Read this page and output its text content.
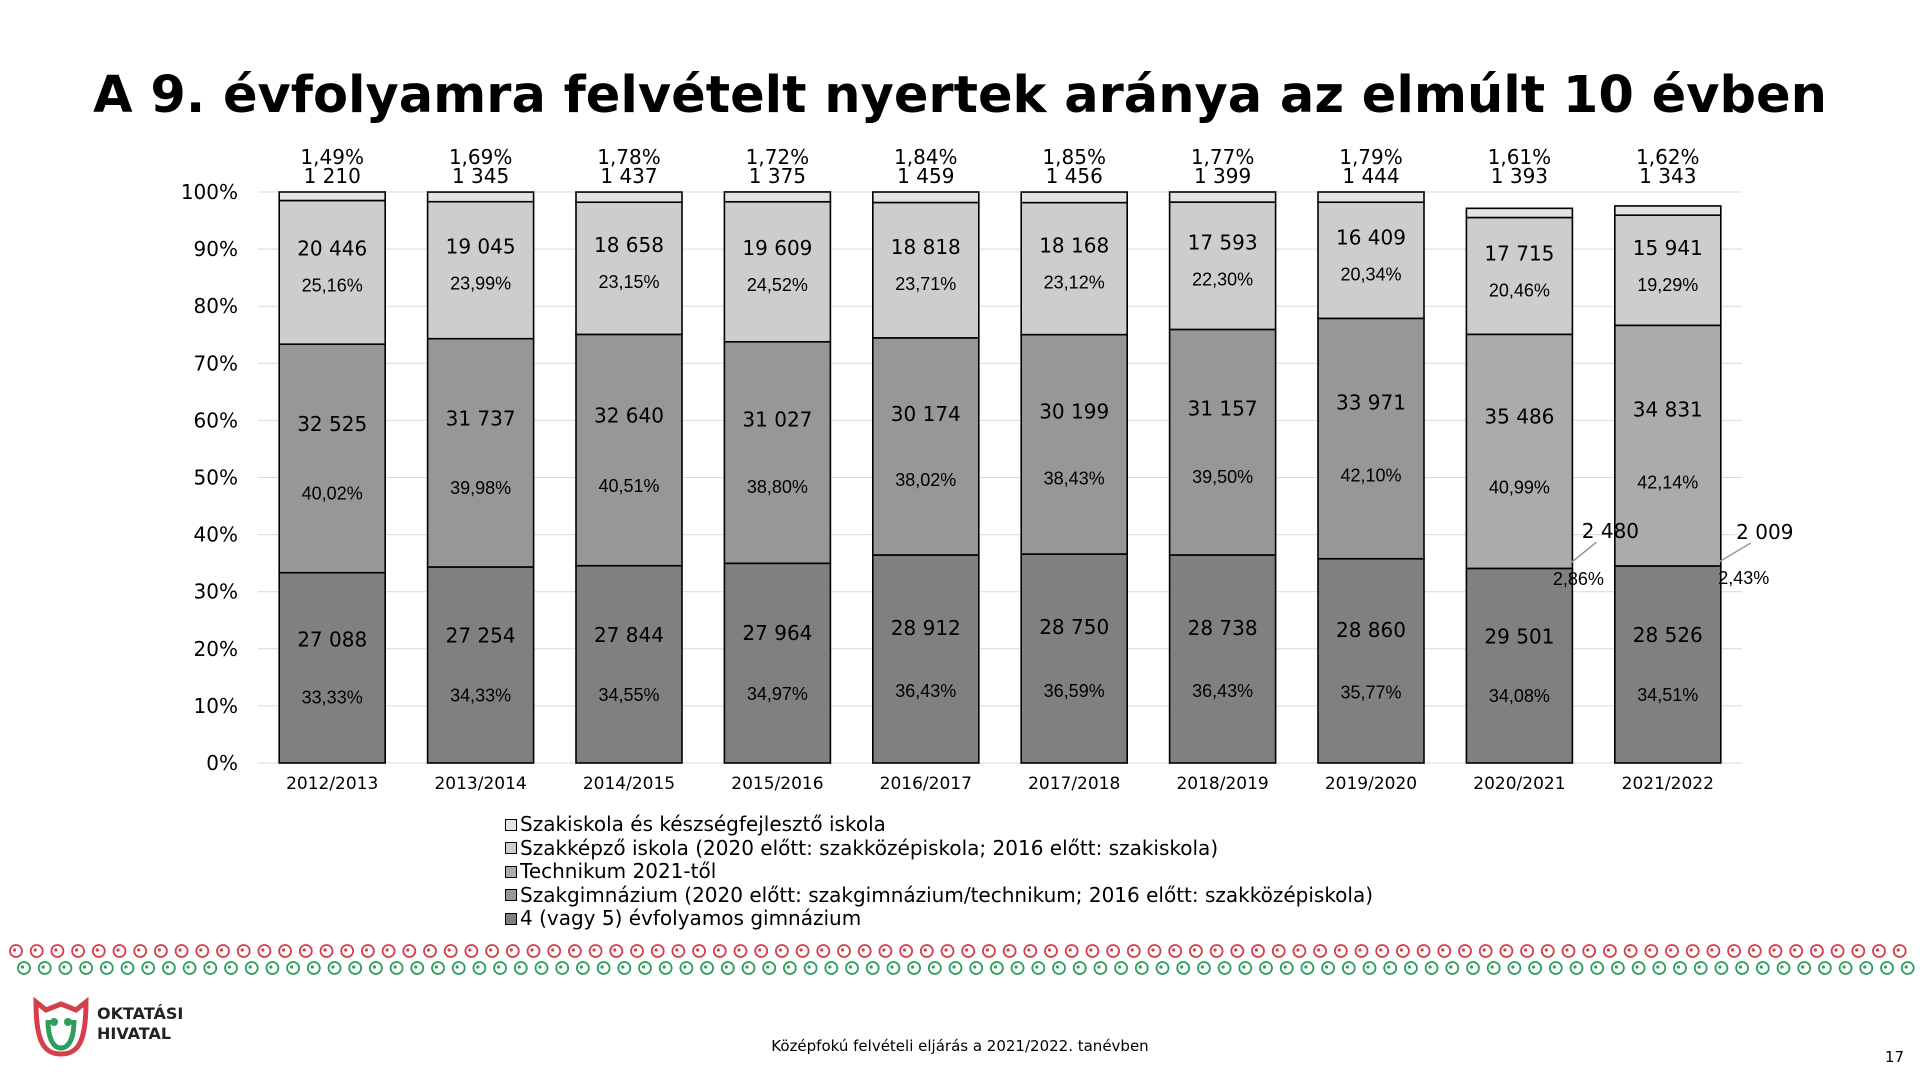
A 9. évfolyamra felvételt nyertek aránya az elmúlt 10 évben
0%
10%
20%
30%
40%
50%
60%
70%
80%
90%
100%
2012/2013
27 088
33,33%
32 525
40,02%
20 446
25,16%
1,49%
1 210
2013/2014
27 254
34,33%
31 737
39,98%
19 045
23,99%
1,69%
1 345
2014/2015
27 844
34,55%
32 640
40,51%
18 658
23,15%
1,78%
1 437
2015/2016
27 964
34,97%
31 027
38,80%
19 609
24,52%
1,72%
1 375
2016/2017
28 912
36,43%
30 174
38,02%
18 818
23,71%
1,84%
1 459
2017/2018
28 750
36,59%
30 199
38,43%
18 168
23,12%
1,85%
1 456
2018/2019
28 738
36,43%
31 157
39,50%
17 593
22,30%
1,77%
1 399
2019/2020
28 860
35,77%
33 971
42,10%
16 409
20,34%
1,79%
1 444
2020/2021
29 501
34,08%
35 486
40,99%
17 715
20,46%
1,61%
1 393
2021/2022
28 526
34,51%
34 831
42,14%
15 941
19,29%
1,62%
1 343
2 480
2,86%
2 009
2,43%
Szakiskola és készségfejlesztő iskola
Szakképző iskola (2020 előtt: szakközépiskola; 2016 előtt: szakiskola)
Technikum 2021-től
Szakgimnázium (2020 előtt: szakgimnázium/technikum; 2016 előtt: szakközépiskola)
4 (vagy 5) évfolyamos gimnázium
OKTATÁSI
HIVATAL
Középfokú felvételi eljárás a 2021/2022. tanévben
17
